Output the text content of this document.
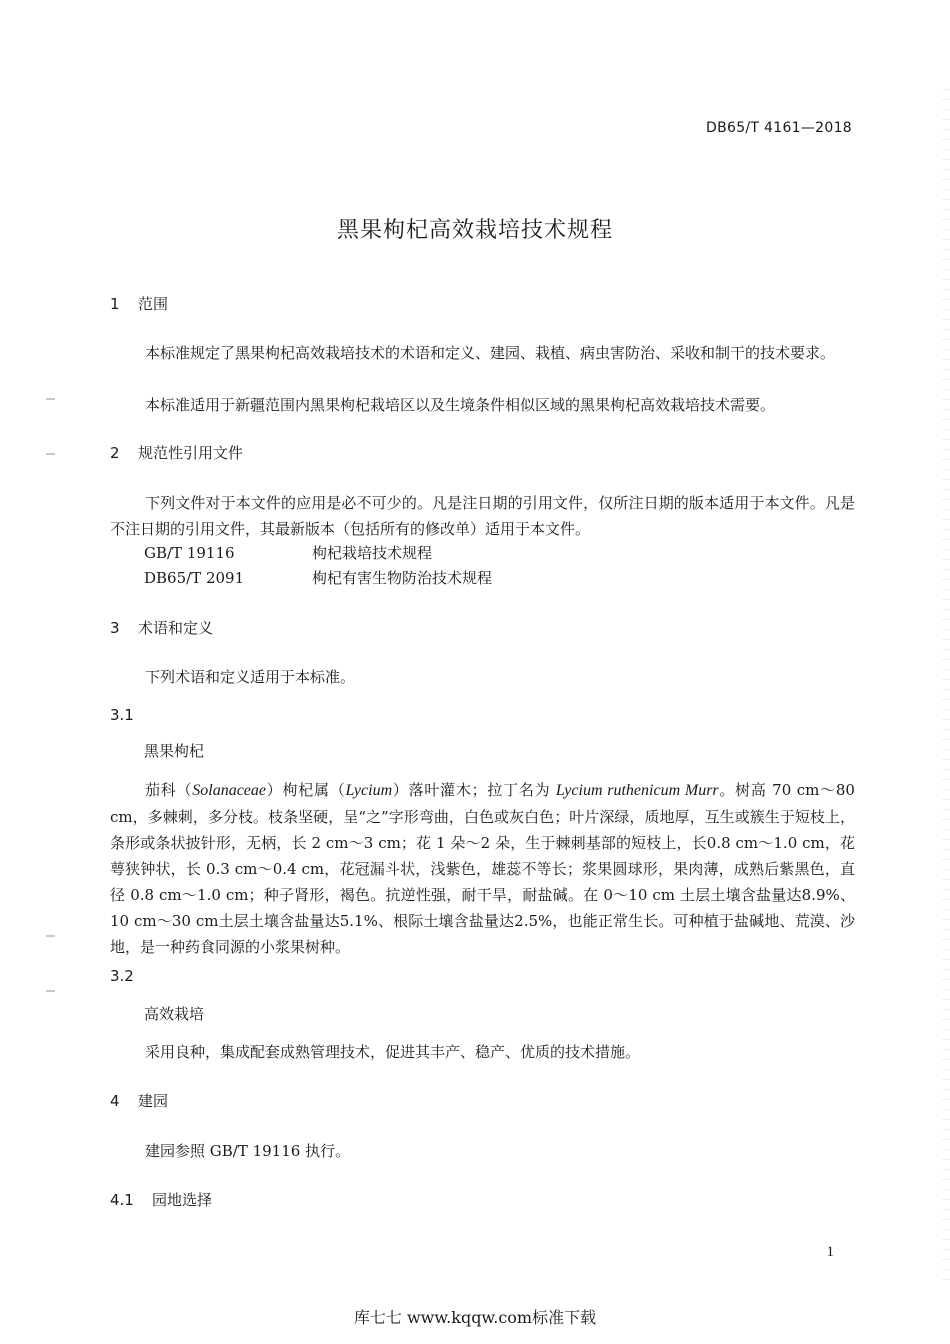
DB65/T 4161—2018
黑果枸杞高效栽培技术规程
1 范围
本标准规定了黑果枸杞高效栽培技术的术语和定义、建园、栽植、病虫害防治、采收和制干的技术要求。
本标准适用于新疆范围内黑果枸杞栽培区以及生境条件相似区域的黑果枸杞高效栽培技术需要。
2 规范性引用文件
下列文件对于本文件的应用是必不可少的。凡是注日期的引用文件，仅所注日期的版本适用于本文件。凡是不注日期的引用文件，其最新版本（包括所有的修改单）适用于本文件。
GB/T 19116	枸杞栽培技术规程
DB65/T 2091	枸杞有害生物防治技术规程
3 术语和定义
下列术语和定义适用于本标准。
3.1
黑果枸杞
茄科（Solanaceae）枸杞属（Lycium）落叶灌木；拉丁名为 Lycium ruthenicum Murr。树高 70 cm～80 cm，多棘刺，多分枝。枝条坚硬，呈“之”字形弯曲，白色或灰白色；叶片深绿，质地厚，互生或簇生于短枝上，条形或条状披针形，无柄，长 2 cm～3 cm；花 1 朵～2 朵，生于棘刺基部的短枝上，长0.8 cm～1.0 cm，花萼狭钟状，长 0.3 cm～0.4 cm，花冠漏斗状，浅紫色，雄蕊不等长；浆果圆球形，果肉薄，成熟后紫黑色，直径 0.8 cm～1.0 cm；种子肾形，褐色。抗逆性强，耐干旱，耐盐碱。在 0～10 cm 土层土壤含盐量达8.9%、10 cm～30 cm土层土壤含盐量达5.1%、根际土壤含盐量达2.5%，也能正常生长。可种植于盐碱地、荒漠、沙地，是一种药食同源的小浆果树种。
3.2
高效栽培
采用良种，集成配套成熟管理技术，促进其丰产、稳产、优质的技术措施。
4 建园
建园参照 GB/T 19116 执行。
4.1 园地选择
1
库七七 www.kqqw.com标准下载
